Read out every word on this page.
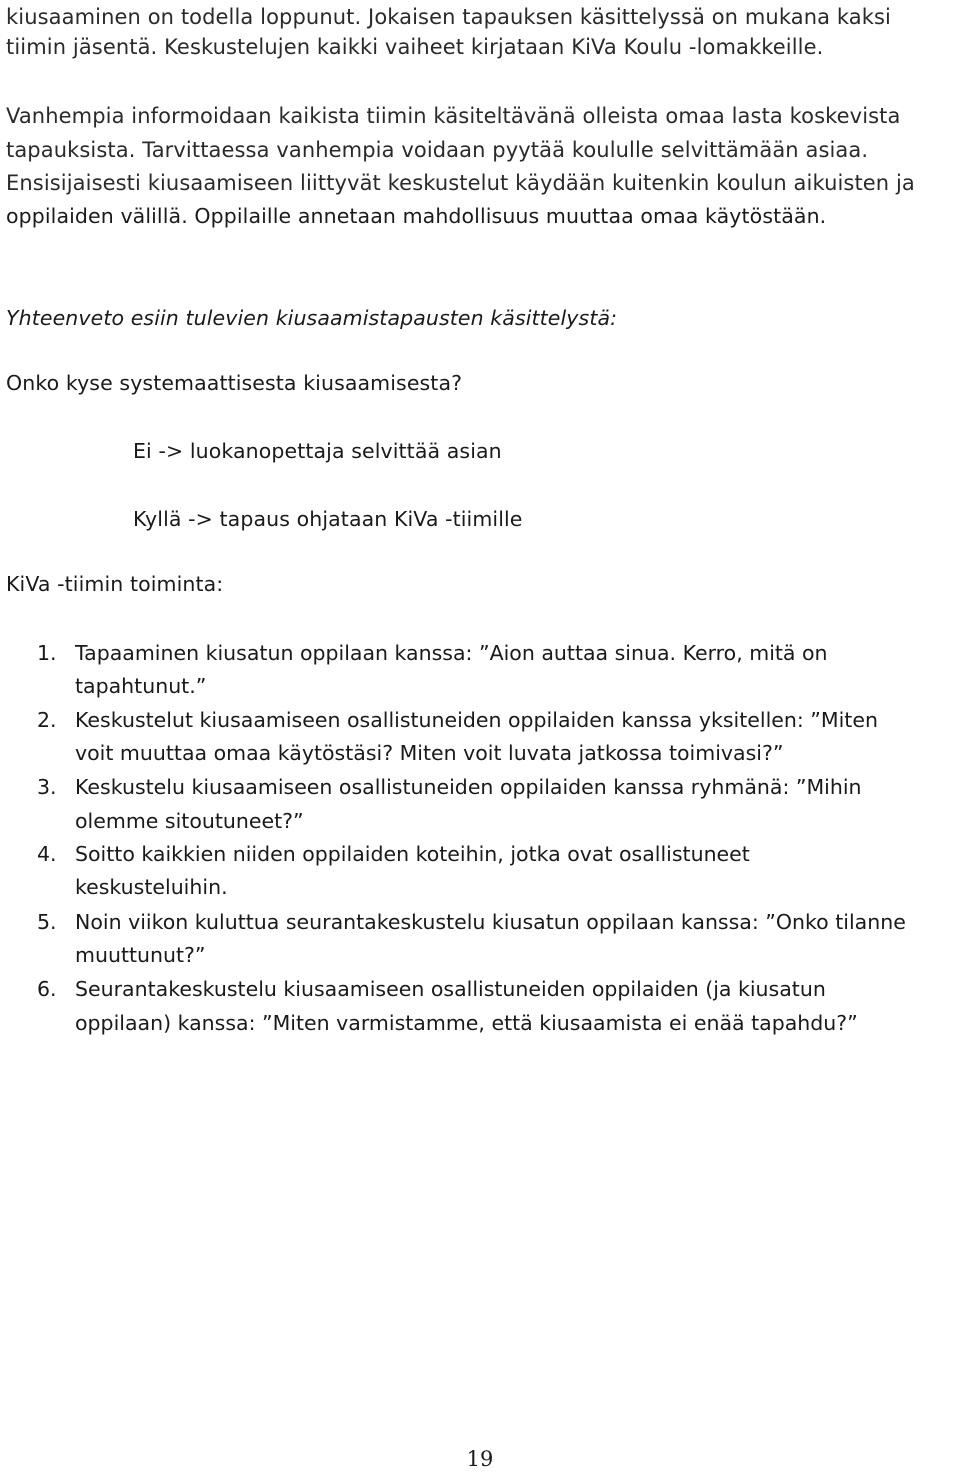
kiusaaminen on todella loppunut. Jokaisen tapauksen käsittelyssä on mukana kaksi
tiimin jäsentä. Keskustelujen kaikki vaiheet kirjataan KiVa Koulu -lomakkeille.
Vanhempia informoidaan kaikista tiimin käsiteltävänä olleista omaa lasta koskevista
tapauksista. Tarvittaessa vanhempia voidaan pyytää koululle selvittämään asiaa.
Ensisijaisesti kiusaamiseen liittyvät keskustelut käydään kuitenkin koulun aikuisten ja
oppilaiden välillä. Oppilaille annetaan mahdollisuus muuttaa omaa käytöstään.
Yhteenveto esiin tulevien kiusaamistapausten käsittelystä:
Onko kyse systemaattisesta kiusaamisesta?
Ei -> luokanopettaja selvittää asian
Kyllä -> tapaus ohjataan KiVa -tiimille
KiVa -tiimin toiminta:
1. Tapaaminen kiusatun oppilaan kanssa: ”Aion auttaa sinua. Kerro, mitä on
tapahtunut.”
2. Keskustelut kiusaamiseen osallistuneiden oppilaiden kanssa yksitellen: ”Miten
voit muuttaa omaa käytöstäsi? Miten voit luvata jatkossa toimivasi?”
3. Keskustelu kiusaamiseen osallistuneiden oppilaiden kanssa ryhmänä: ”Mihin
olemme sitoutuneet?”
4. Soitto kaikkien niiden oppilaiden koteihin, jotka ovat osallistuneet
keskusteluihin.
5. Noin viikon kuluttua seurantakeskustelu kiusatun oppilaan kanssa: ”Onko tilanne
muuttunut?”
6. Seurantakeskustelu kiusaamiseen osallistuneiden oppilaiden (ja kiusatun
oppilaan) kanssa: ”Miten varmistamme, että kiusaamista ei enää tapahdu?”
19
